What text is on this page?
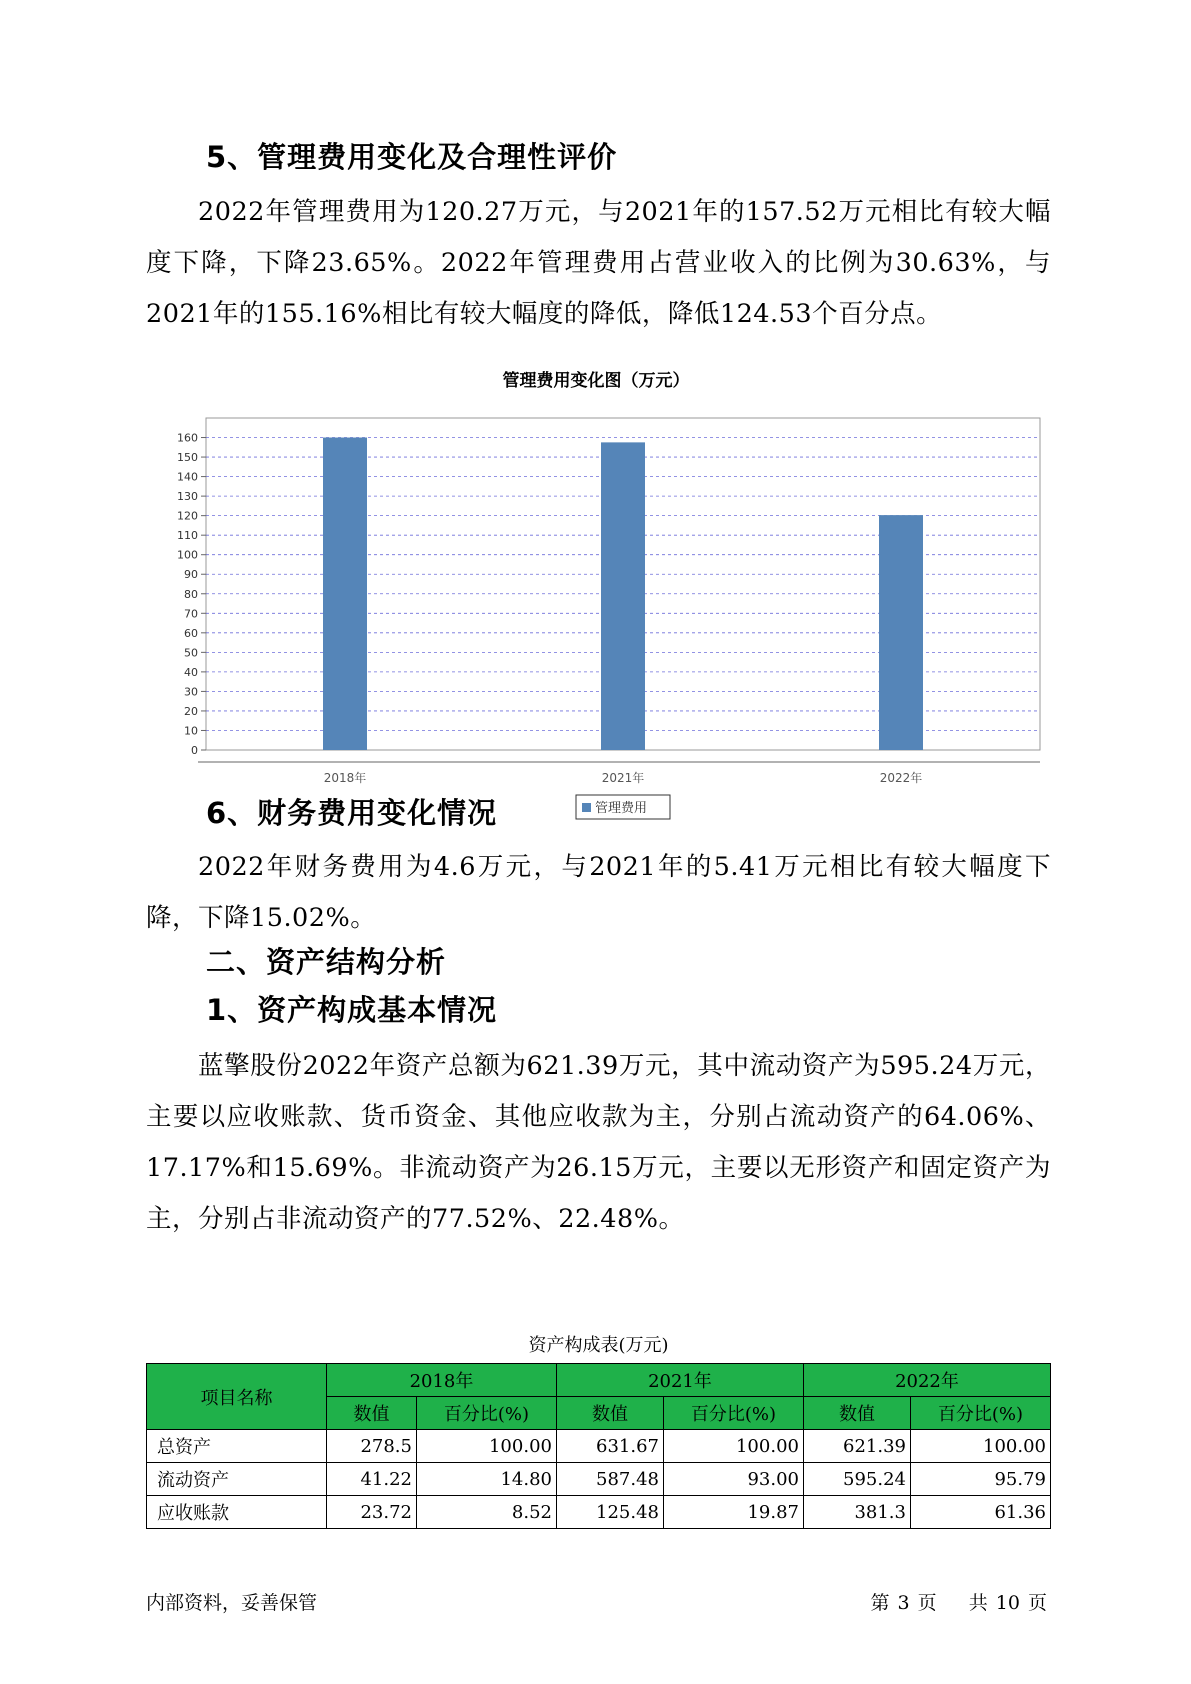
5、管理费用变化及合理性评价

2022年管理费用为120.27万元，与2021年的157.52万元相比有较大幅度下降，下降23.65%。2022年管理费用占营业收入的比例为30.63%，与2021年的155.16%相比有较大幅度的降低，降低124.53个百分点。

管理费用变化图（万元）
0
10
20
30
40
50
60
70
80
90
100
110
120
130
140
150
160
2018年	2021年	2022年
管理费用
6、财务费用变化情况

2022年财务费用为4.6万元，与2021年的5.41万元相比有较大幅度下降，下降15.02%。

二、资产结构分析
1、资产构成基本情况

蓝擎股份2022年资产总额为621.39万元，其中流动资产为595.24万元，主要以应收账款、货币资金、其他应收款为主，分别占流动资产的64.06%、17.17%和15.69%。非流动资产为26.15万元，主要以无形资产和固定资产为主，分别占非流动资产的77.52%、22.48%。

资产构成表(万元)
项目名称	2018年		2021年		2022年	
	数值	百分比(%)	数值	百分比(%)	数值	百分比(%)
总资产	278.5	100.00	631.67	100.00	621.39	100.00
流动资产	41.22	14.80	587.48	93.00	595.24	95.79
应收账款	23.72	8.52	125.48	19.87	381.3	61.36
内部资料，妥善保管	第 3 页 共 10 页
